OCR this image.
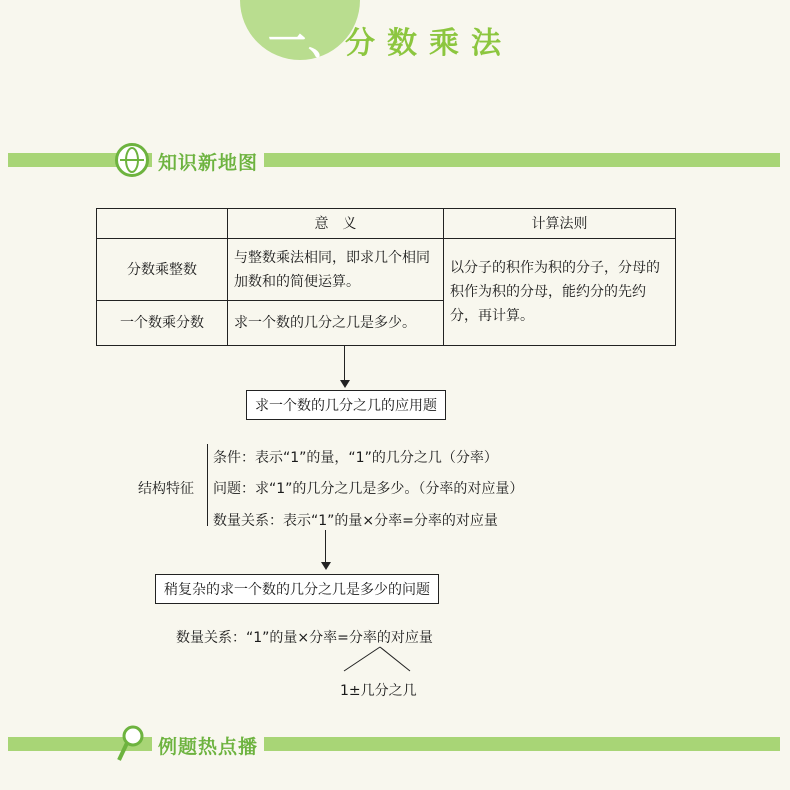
一、
分数乘法
知识新地图
	意　义	计算法则
分数乘整数	与整数乘法相同，即求几个相同加数和的简便运算。	以分子的积作为积的分子，分母的积作为积的分母，能约分的先约分，再计算。
一个数乘分数	求一个数的几分之几是多少。	
求一个数的几分之几的应用题
结构特征
条件：表示“1”的量，“1”的几分之几（分率）
问题：求“1”的几分之几是多少。（分率的对应量）
数量关系：表示“1”的量×分率=分率的对应量
稍复杂的求一个数的几分之几是多少的问题
数量关系：“1”的量×分率=分率的对应量
1±几分之几
例题热点播
